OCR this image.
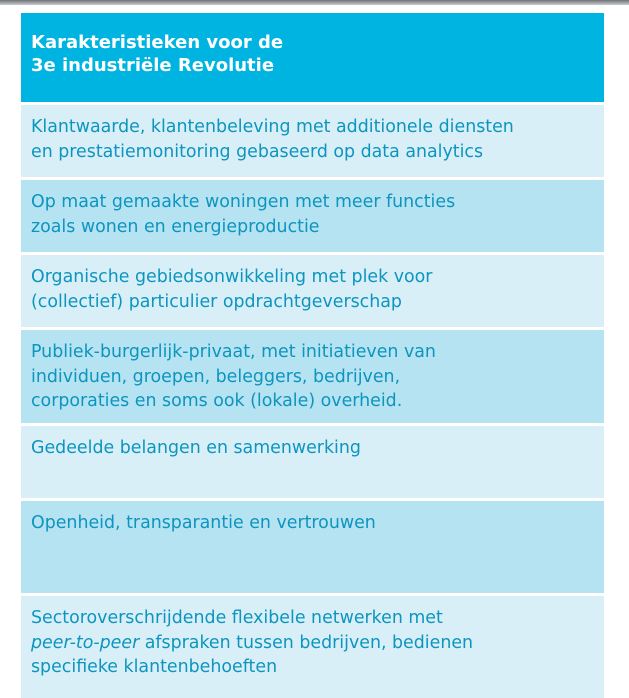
Karakteristieken voor de
3e industriële Revolutie
Klantwaarde, klantenbeleving met additionele diensten
en prestatiemonitoring gebaseerd op data analytics
Op maat gemaakte woningen met meer functies
zoals wonen en energieproductie
Organische gebiedsonwikkeling met plek voor
(collectief) particulier opdrachtgeverschap
Publiek-burgerlijk-privaat, met initiatieven van
individuen, groepen, beleggers, bedrijven,
corporaties en soms ook (lokale) overheid.
Gedeelde belangen en samenwerking
Openheid, transparantie en vertrouwen
Sectoroverschrijdende flexibele netwerken met
peer-to-peer afspraken tussen bedrijven, bedienen
specifieke klantenbehoeften
